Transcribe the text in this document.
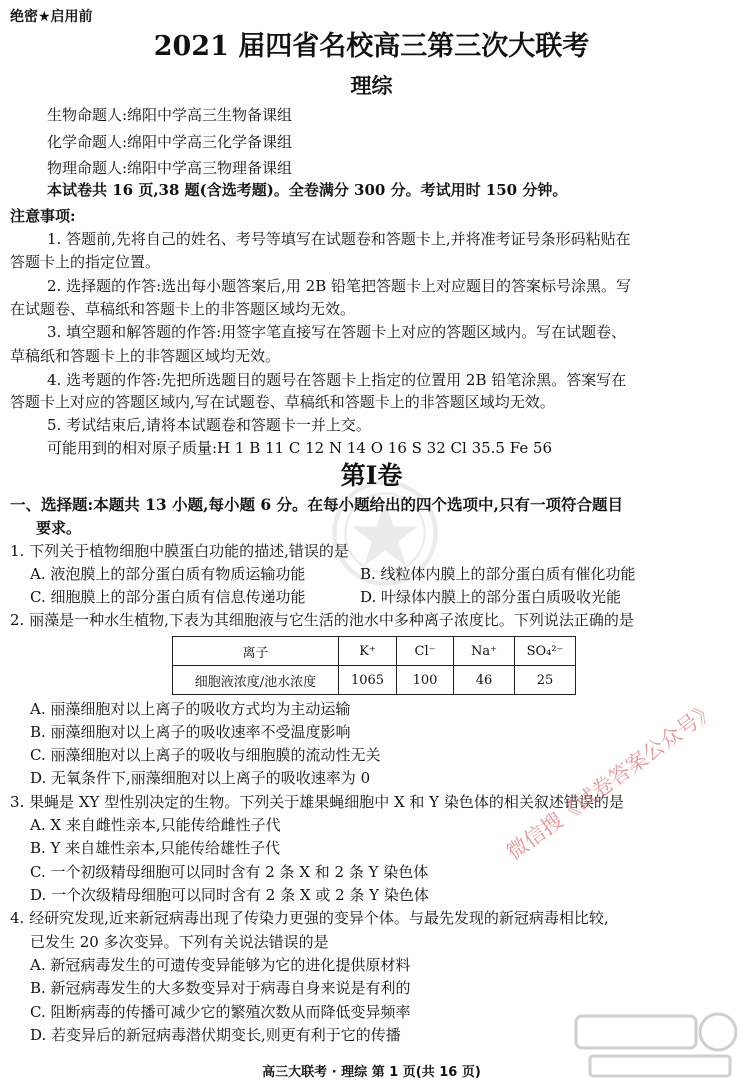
绝密★启用前
2021 届四省名校高三第三次大联考
理综
生物命题人:绵阳中学高三生物备课组
化学命题人:绵阳中学高三化学备课组
物理命题人:绵阳中学高三物理备课组
本试卷共 16 页,38 题(含选考题)。全卷满分 300 分。考试用时 150 分钟。
注意事项:
1. 答题前,先将自己的姓名、考号等填写在试题卷和答题卡上,并将准考证号条形码粘贴在
答题卡上的指定位置。
2. 选择题的作答:选出每小题答案后,用 2B 铅笔把答题卡上对应题目的答案标号涂黑。写
在试题卷、草稿纸和答题卡上的非答题区域均无效。
3. 填空题和解答题的作答:用签字笔直接写在答题卡上对应的答题区域内。写在试题卷、
草稿纸和答题卡上的非答题区域均无效。
4. 选考题的作答:先把所选题目的题号在答题卡上指定的位置用 2B 铅笔涂黑。答案写在
答题卡上对应的答题区域内,写在试题卷、草稿纸和答题卡上的非答题区域均无效。
5. 考试结束后,请将本试题卷和答题卡一并上交。
可能用到的相对原子质量:H 1 B 11 C 12 N 14 O 16 S 32 Cl 35.5 Fe 56
第Ⅰ卷
一、选择题:本题共 13 小题,每小题 6 分。在每小题给出的四个选项中,只有一项符合题目
要求。
1. 下列关于植物细胞中膜蛋白功能的描述,错误的是
A. 液泡膜上的部分蛋白质有物质运输功能	B. 线粒体内膜上的部分蛋白质有催化功能
C. 细胞膜上的部分蛋白质有信息传递功能	D. 叶绿体内膜上的部分蛋白质吸收光能
2. 丽藻是一种水生植物,下表为其细胞液与它生活的池水中多种离子浓度比。下列说法正确的是
离子	K⁺	Cl⁻	Na⁺	SO₄²⁻
细胞液浓度/池水浓度	1065	100	46	25
A. 丽藻细胞对以上离子的吸收方式均为主动运输
B. 丽藻细胞对以上离子的吸收速率不受温度影响
C. 丽藻细胞对以上离子的吸收与细胞膜的流动性无关
D. 无氧条件下,丽藻细胞对以上离子的吸收速率为 0
3. 果蝇是 XY 型性别决定的生物。下列关于雄果蝇细胞中 X 和 Y 染色体的相关叙述错误的是
A. X 来自雌性亲本,只能传给雌性子代
B. Y 来自雄性亲本,只能传给雄性子代
C. 一个初级精母细胞可以同时含有 2 条 X 和 2 条 Y 染色体
D. 一个次级精母细胞可以同时含有 2 条 X 或 2 条 Y 染色体
4. 经研究发现,近来新冠病毒出现了传染力更强的变异个体。与最先发现的新冠病毒相比较,
已发生 20 多次变异。下列有关说法错误的是
A. 新冠病毒发生的可遗传变异能够为它的进化提供原材料
B. 新冠病毒发生的大多数变异对于病毒自身来说是有利的
C. 阻断病毒的传播可减少它的繁殖次数从而降低变异频率
D. 若变异后的新冠病毒潜伏期变长,则更有利于它的传播
微信搜《试卷答案公众号》
高三大联考 · 理综 第 1 页(共 16 页)
